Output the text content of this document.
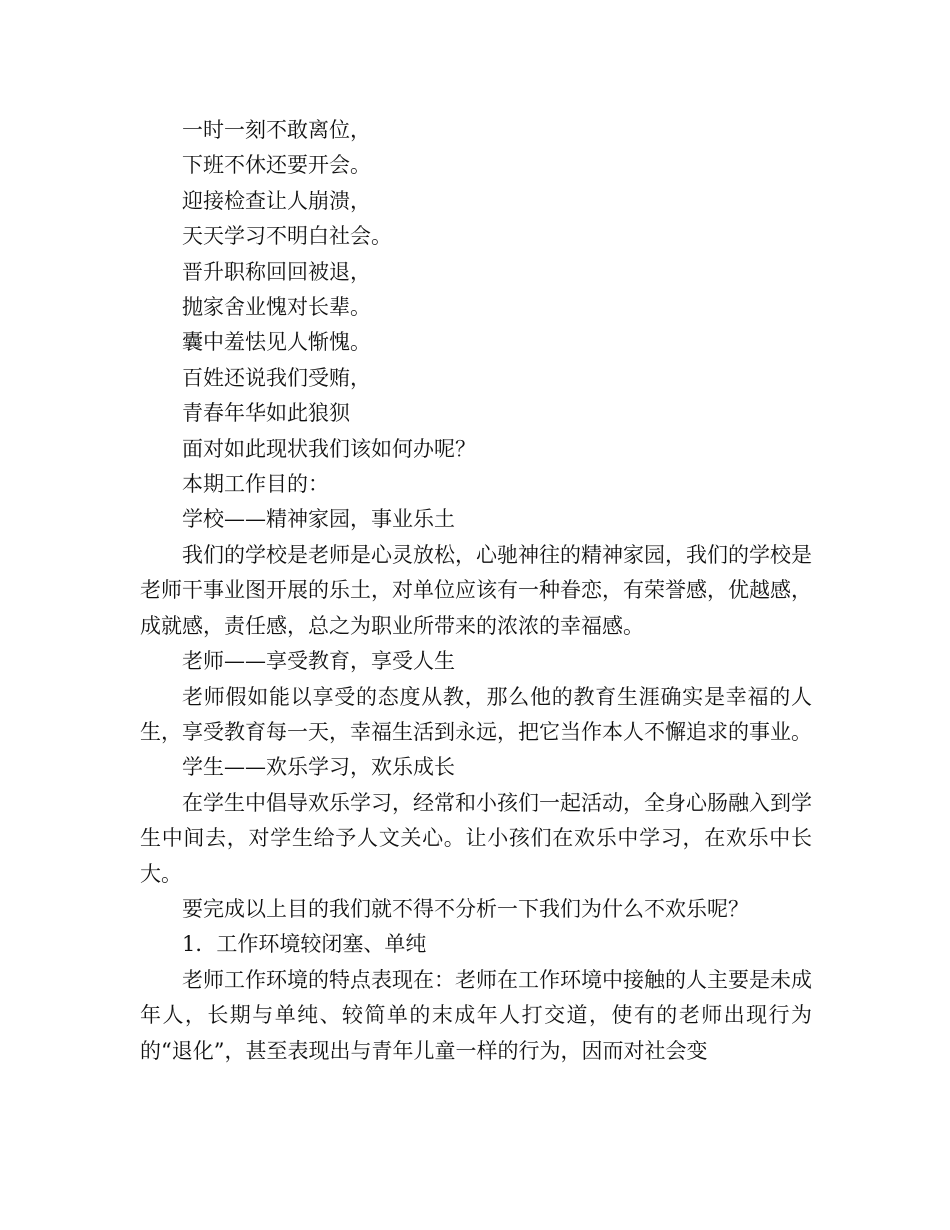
一时一刻不敢离位，

下班不休还要开会。

迎接检查让人崩溃，

天天学习不明白社会。

晋升职称回回被退，

抛家舍业愧对长辈。

囊中羞怯见人惭愧。

百姓还说我们受贿，

青春年华如此狼狈

面对如此现状我们该如何办呢？

本期工作目的：

学校——精神家园，事业乐土

我们的学校是老师是心灵放松，心驰神往的精神家园，我们的学校是老师干事业图开展的乐土，对单位应该有一种眷恋，有荣誉感，优越感，成就感，责任感，总之为职业所带来的浓浓的幸福感。

老师——享受教育，享受人生

老师假如能以享受的态度从教，那么他的教育生涯确实是幸福的人生，享受教育每一天，幸福生活到永远，把它当作本人不懈追求的事业。

学生——欢乐学习，欢乐成长

在学生中倡导欢乐学习，经常和小孩们一起活动，全身心肠融入到学生中间去，对学生给予人文关心。让小孩们在欢乐中学习，在欢乐中长大。

要完成以上目的我们就不得不分析一下我们为什么不欢乐呢？

1．工作环境较闭塞、单纯

老师工作环境的特点表现在：老师在工作环境中接触的人主要是未成年人，长期与单纯、较简单的末成年人打交道，使有的老师出现行为的“退化”，甚至表现出与青年儿童一样的行为，因而对社会变
